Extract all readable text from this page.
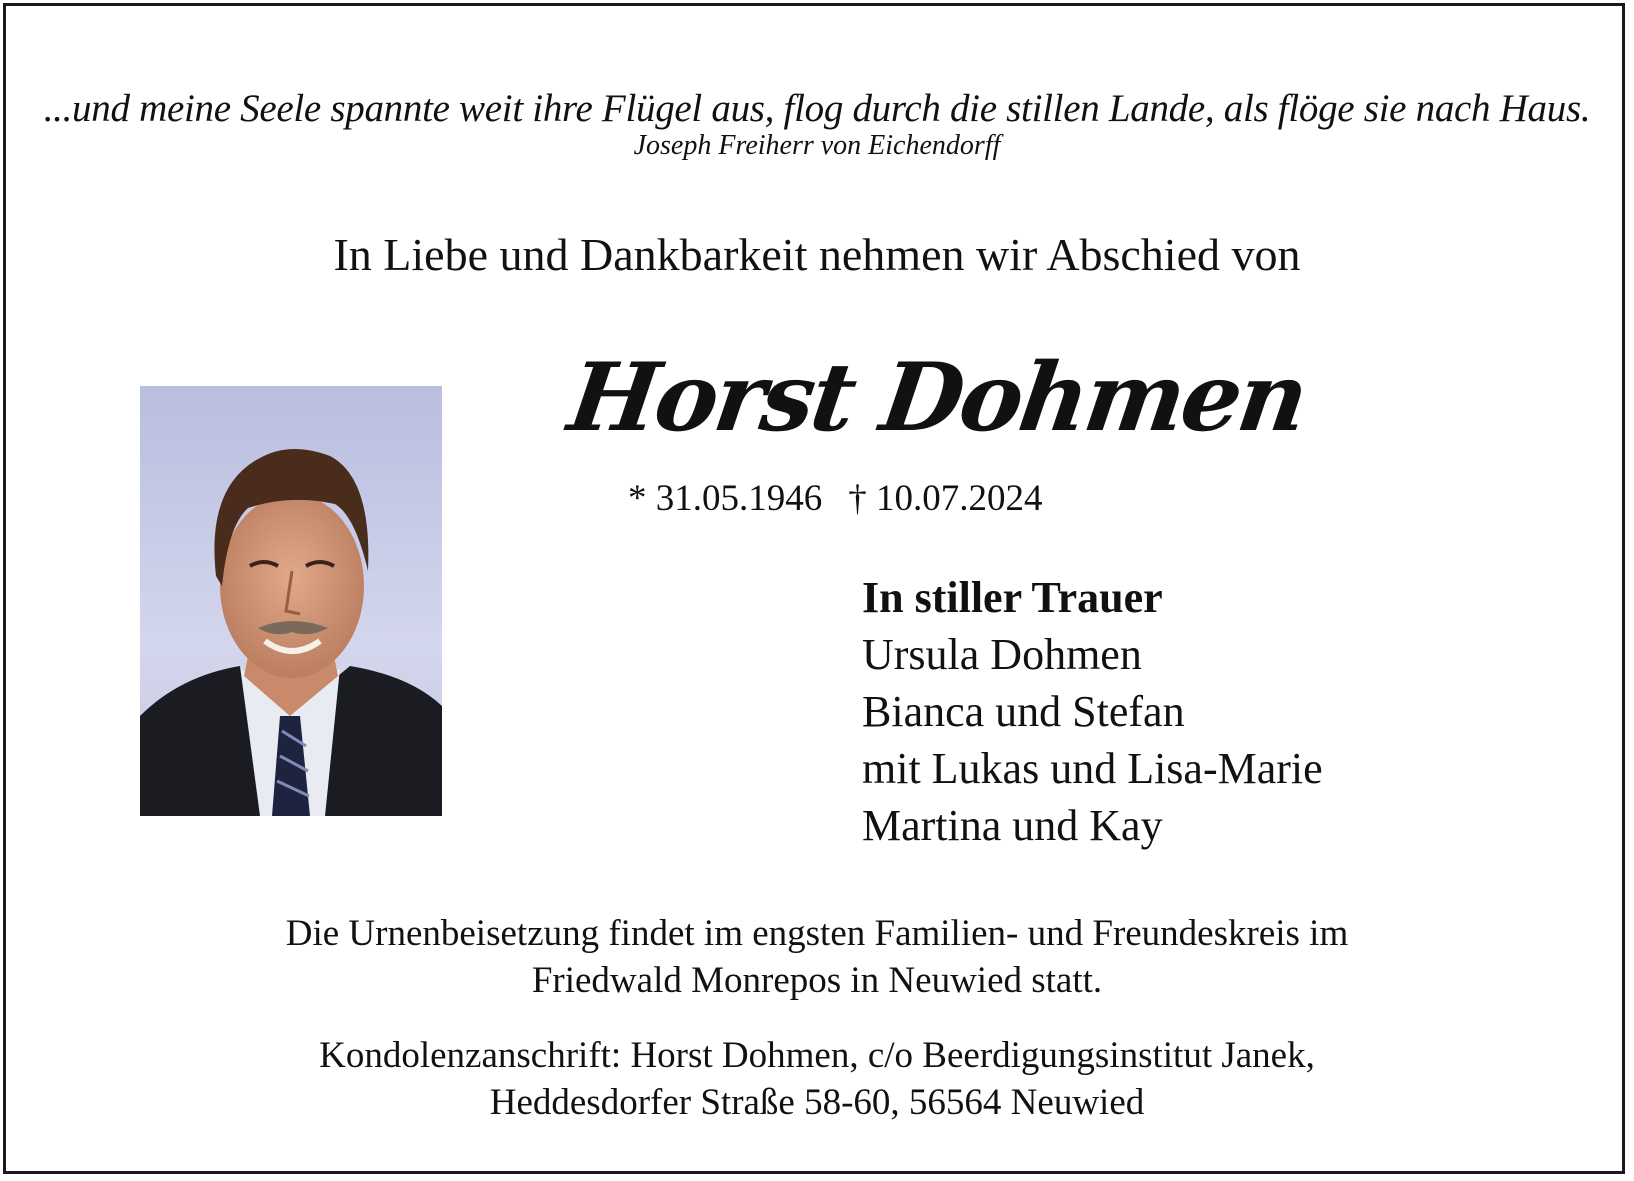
...und meine Seele spannte weit ihre Flügel aus, flog durch die stillen Lande, als flöge sie nach Haus.
Joseph Freiherr von Eichendorff
In Liebe und Dankbarkeit nehmen wir Abschied von
Horst Dohmen
* 31.05.1946 † 10.07.2024
In stiller Trauer
Ursula Dohmen
Bianca und Stefan
mit Lukas und Lisa-Marie
Martina und Kay
Die Urnenbeisetzung findet im engsten Familien- und Freundeskreis im
Friedwald Monrepos in Neuwied statt.
Kondolenzanschrift: Horst Dohmen, c/o Beerdigungsinstitut Janek,
Heddesdorfer Straße 58-60, 56564 Neuwied
